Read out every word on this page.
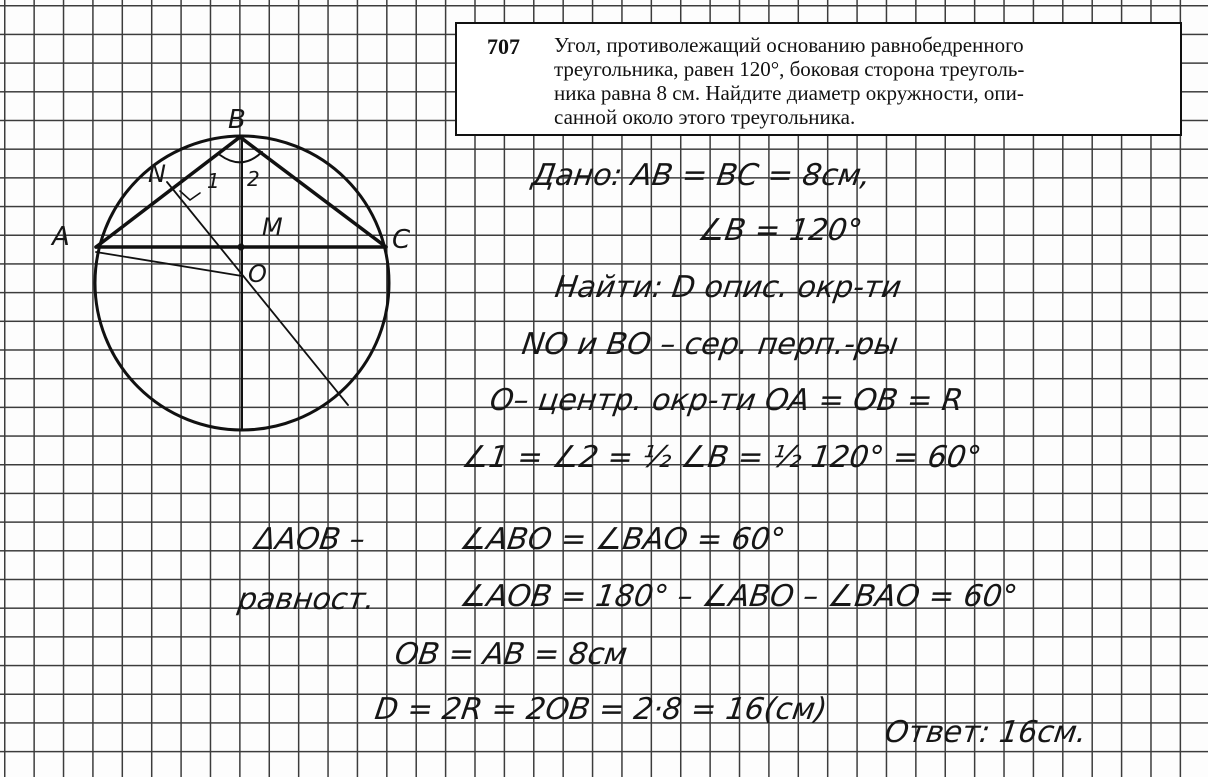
707 Угол, противолежащий основанию равнобедренного
треугольника, равен 120°, боковая сторона треуголь-
ника равна 8 см. Найдите диаметр окружности, опи-
санной около этого треугольника.
B
A	C
N
M
O
1 2	Дано: AB = BC = 8см,
∠B = 120°
Найти: D опис. окр-ти
NO и BO – сер. перп.-ры
O– центр. окр-ти OA = OB = R
∠1 = ∠2 = ½ ∠B = ½ 120° = 60°
ΔAOB –	∠ABO = ∠BAO = 60°
равност.	∠AOB = 180° – ∠ABO – ∠BAO = 60°
OB = AB = 8см
D = 2R = 2OB = 2·8 = 16(см)
Ответ: 16см.
